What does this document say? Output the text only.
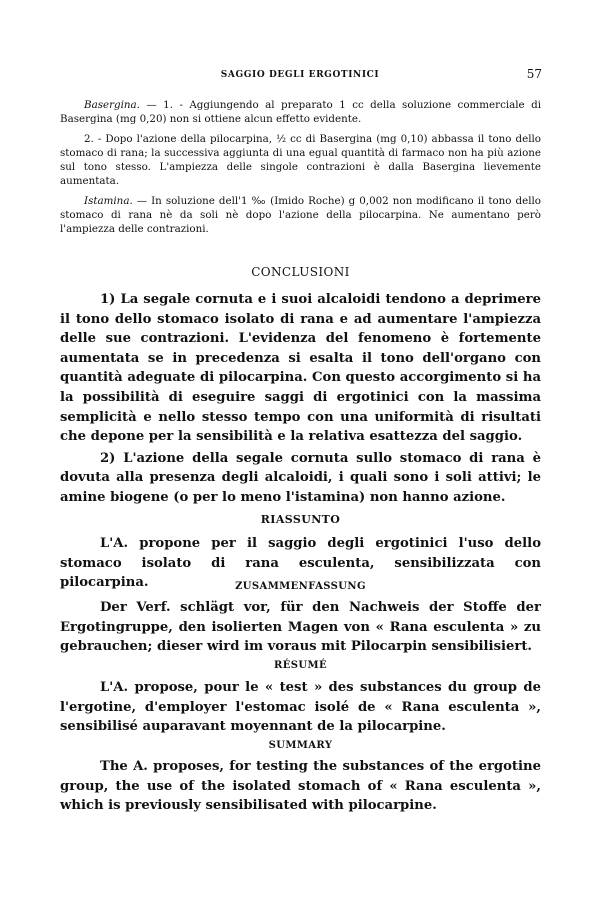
SAGGIO DEGLI ERGOTINICI	57

Basergina. — 1. - Aggiungendo al preparato 1 cc della soluzione commerciale di Basergina (mg 0,20) non si ottiene alcun effetto evidente.

2. - Dopo l'azione della pilocarpina, ½ cc di Basergina (mg 0,10) abbassa il tono dello stomaco di rana; la successiva aggiunta di una egual quantità di farmaco non ha più azione sul tono stesso. L'ampiezza delle singole contrazioni è dalla Basergina lievemente aumentata.

Istamina. — In soluzione dell'1 ‰ (Imido Roche) g 0,002 non modificano il tono dello stomaco di rana nè da soli nè dopo l'azione della pilocarpina. Ne aumentano però l'ampiezza delle contrazioni.

CONCLUSIONI

1) La segale cornuta e i suoi alcaloidi tendono a deprimere il tono dello stomaco isolato di rana e ad aumentare l'ampiezza delle sue contrazioni. L'evidenza del fenomeno è fortemente aumentata se in precedenza si esalta il tono dell'organo con quantità adeguate di pilocarpina. Con questo accorgimento si ha la possibilità di eseguire saggi di ergotinici con la massima semplicità e nello stesso tempo con una uniformità di risultati che depone per la sensibilità e la relativa esattezza del saggio.

2) L'azione della segale cornuta sullo stomaco di rana è dovuta alla presenza degli alcaloidi, i quali sono i soli attivi; le amine biogene (o per lo meno l'istamina) non hanno azione.

RIASSUNTO

L'A. propone per il saggio degli ergotinici l'uso dello stomaco isolato di rana esculenta, sensibilizzata con pilocarpina.	ZUSAMMENFASSUNG

Der Verf. schlägt vor, für den Nachweis der Stoffe der Ergotingruppe, den isolierten Magen von « Rana esculenta » zu gebrauchen; dieser wird im voraus mit Pilocarpin sensibilisiert.

RÉSUMÉ

L'A. propose, pour le « test » des substances du group de l'ergotine, d'employer l'estomac isolé de « Rana esculenta », sensibilisé auparavant moyennant de la pilocarpine.

SUMMARY

The A. proposes, for testing the substances of the ergotine group, the use of the isolated stomach of « Rana esculenta », which is previously sensibilisated with pilocarpine.
